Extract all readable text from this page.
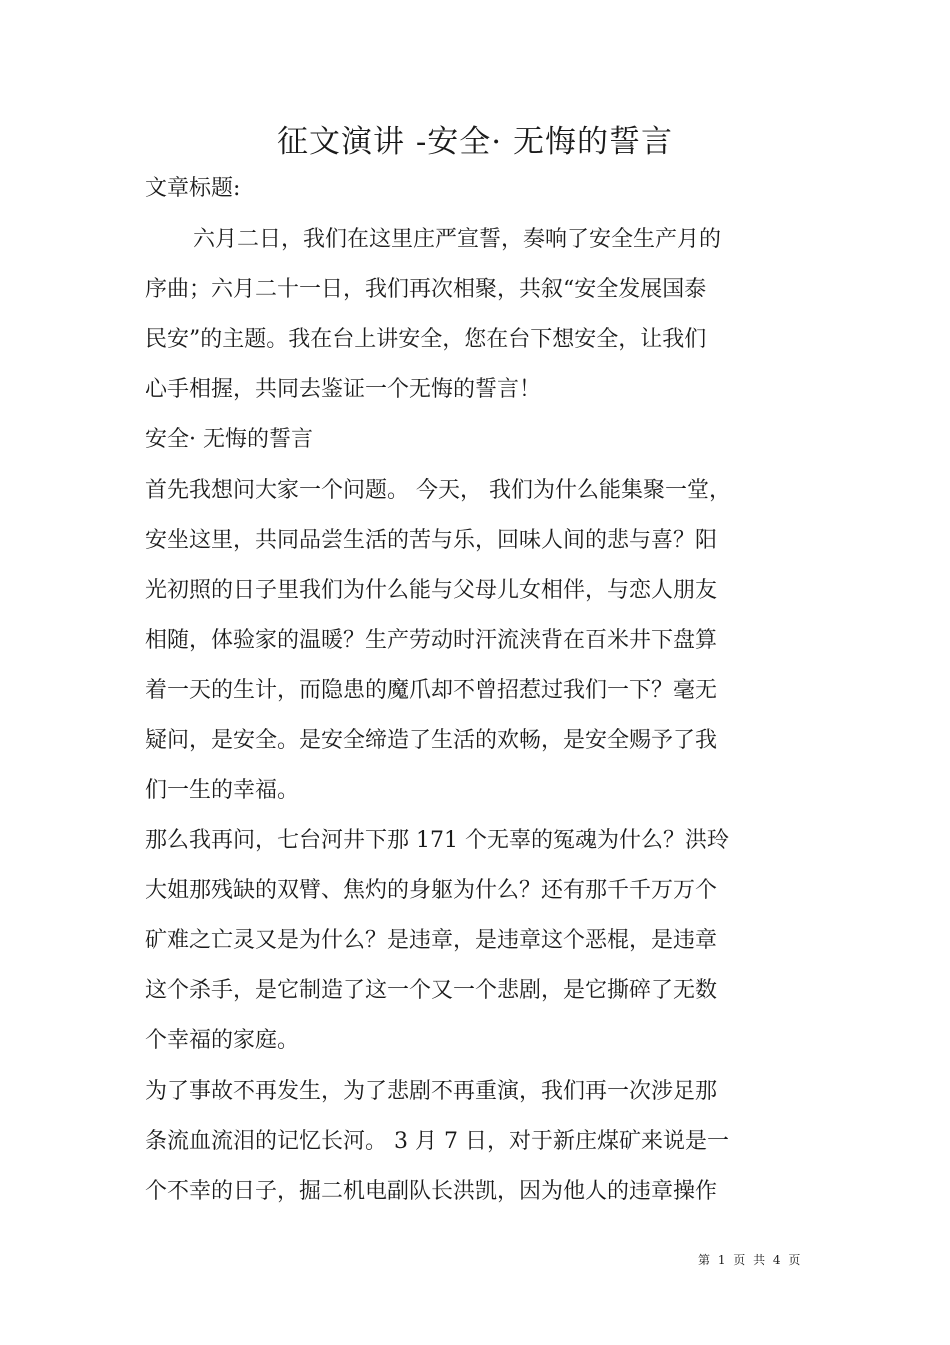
征文演讲 -安全· 无悔的誓言
文章标题:
六月二日，我们在这里庄严宣誓，奏响了安全生产月的
序曲；六月二十一日，我们再次相聚，共叙“安全发展国泰
民安”的主题。我在台上讲安全，您在台下想安全，让我们
心手相握，共同去鉴证一个无悔的誓言！
安全· 无悔的誓言
首先我想问大家一个问题。 今天， 我们为什么能集聚一堂，
安坐这里，共同品尝生活的苦与乐，回味人间的悲与喜？阳
光初照的日子里我们为什么能与父母儿女相伴，与恋人朋友
相随，体验家的温暖？生产劳动时汗流浃背在百米井下盘算
着一天的生计，而隐患的魔爪却不曾招惹过我们一下？毫无
疑问，是安全。是安全缔造了生活的欢畅，是安全赐予了我
们一生的幸福。
那么我再问，七台河井下那 171 个无辜的冤魂为什么？洪玲
大姐那残缺的双臂、焦灼的身躯为什么？还有那千千万万个
矿难之亡灵又是为什么？是违章，是违章这个恶棍，是违章
这个杀手，是它制造了这一个又一个悲剧，是它撕碎了无数
个幸福的家庭。
为了事故不再发生，为了悲剧不再重演，我们再一次涉足那
条流血流泪的记忆长河。 3 月 7 日，对于新庄煤矿来说是一
个不幸的日子，掘二机电副队长洪凯，因为他人的违章操作
第 1 页 共 4 页
